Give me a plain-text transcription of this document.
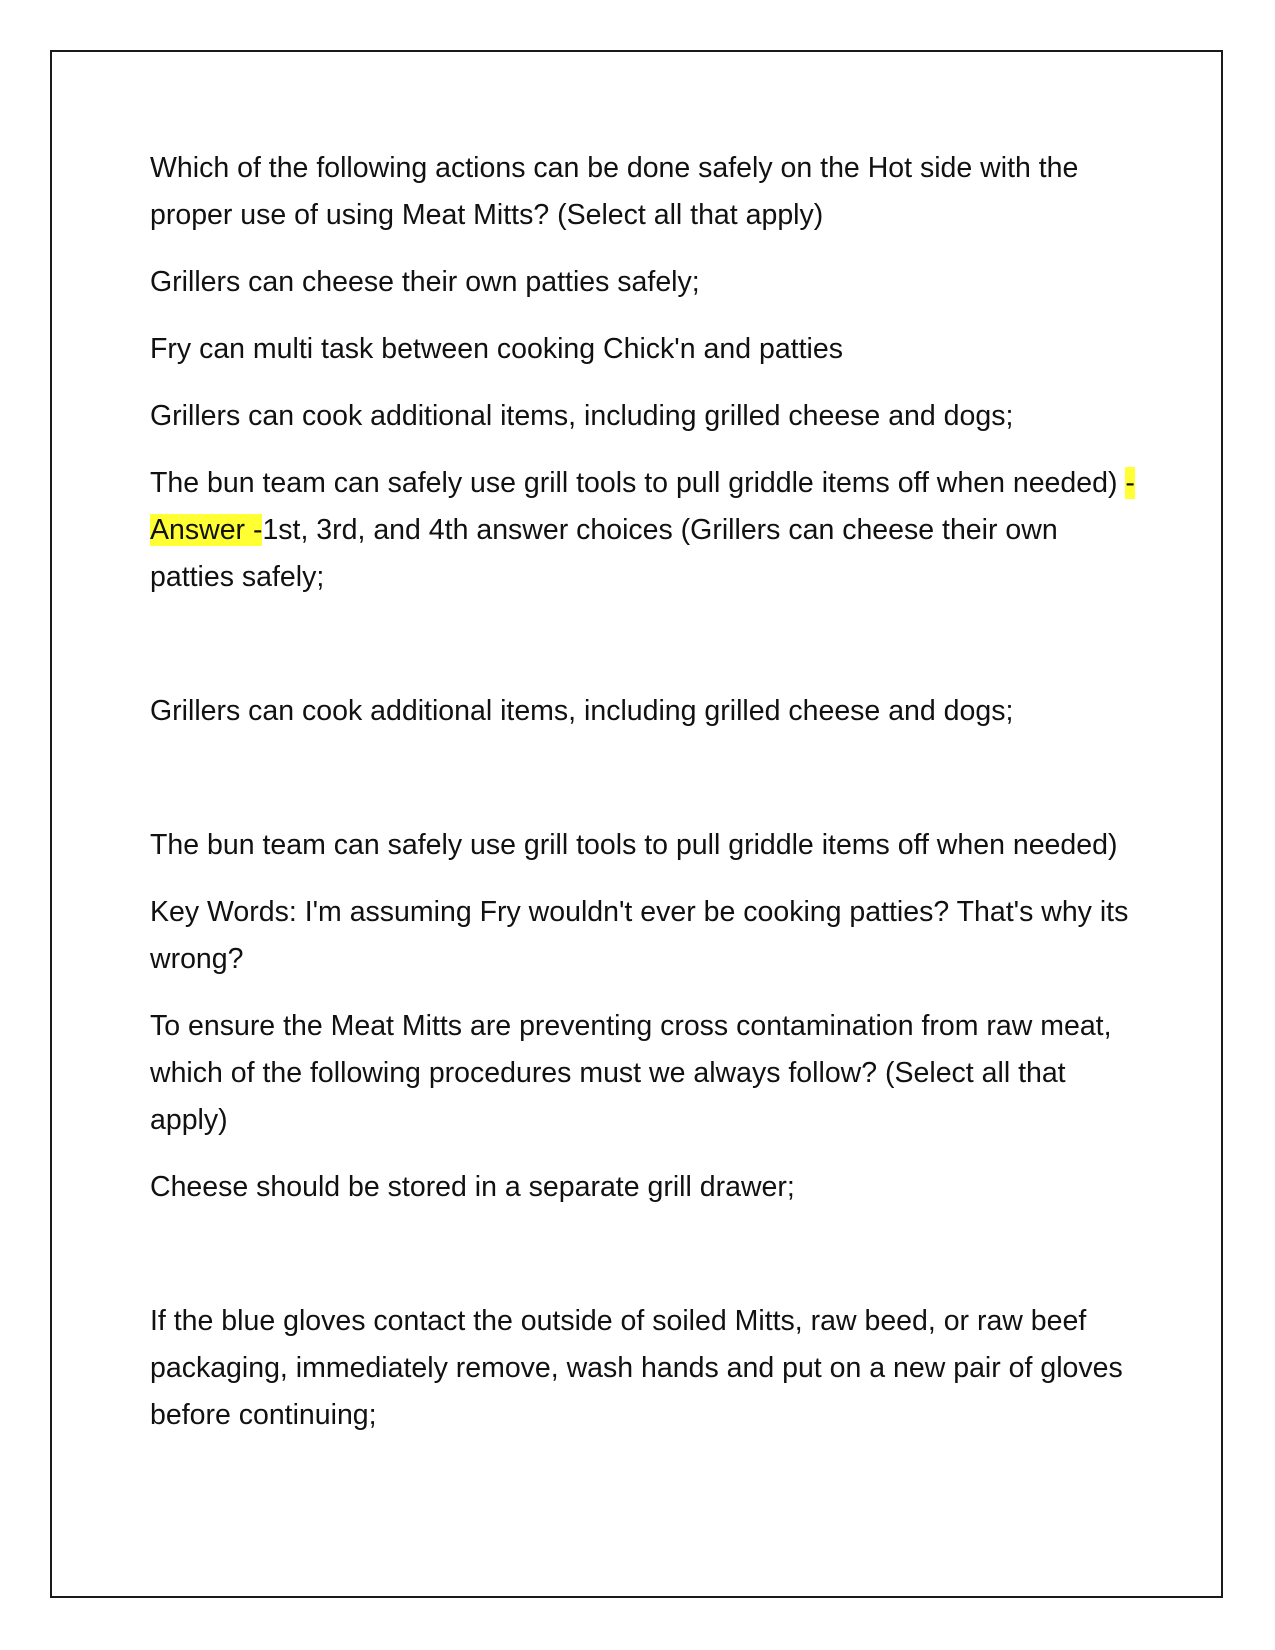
Which of the following actions can be done safely on the Hot side with the proper use of using Meat Mitts? (Select all that apply)

Grillers can cheese their own patties safely;

Fry can multi task between cooking Chick'n and patties

Grillers can cook additional items, including grilled cheese and dogs;

The bun team can safely use grill tools to pull griddle items off when needed) - Answer -1st, 3rd, and 4th answer choices (Grillers can cheese their own patties safely;

Grillers can cook additional items, including grilled cheese and dogs;

The bun team can safely use grill tools to pull griddle items off when needed)

Key Words: I'm assuming Fry wouldn't ever be cooking patties? That's why its wrong?

To ensure the Meat Mitts are preventing cross contamination from raw meat, which of the following procedures must we always follow? (Select all that apply)

Cheese should be stored in a separate grill drawer;

If the blue gloves contact the outside of soiled Mitts, raw beed, or raw beef packaging, immediately remove, wash hands and put on a new pair of gloves before continuing;
